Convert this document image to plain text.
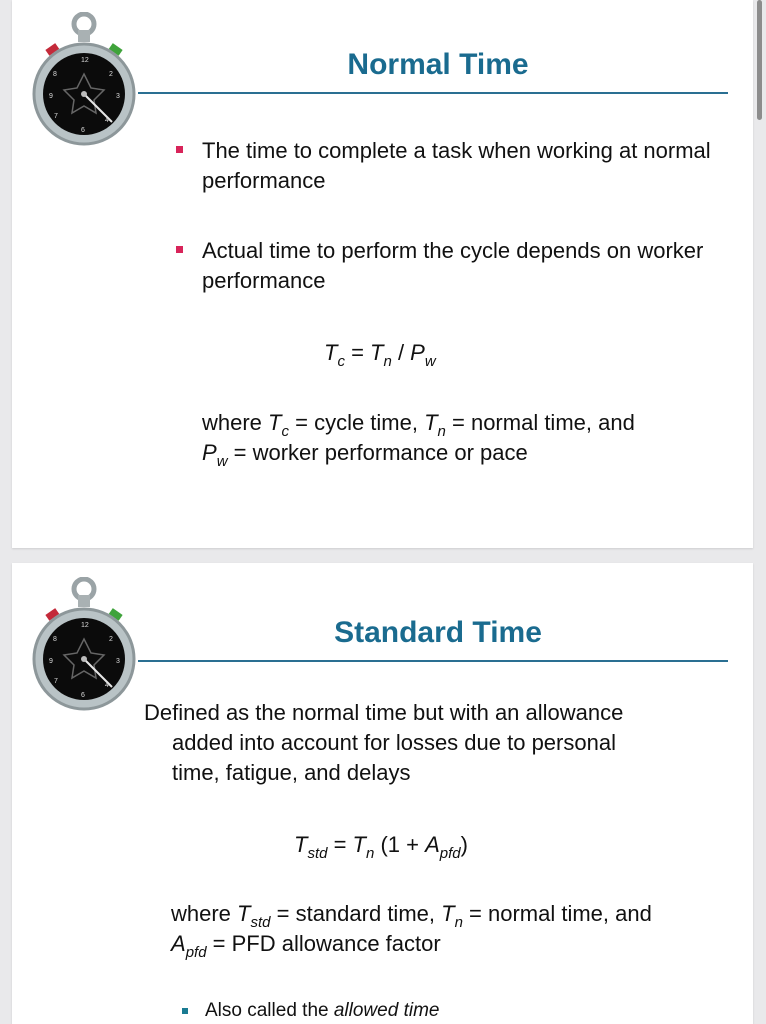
12
2
3
9
8
7
4
6
Normal Time
The time to complete a task when working at normal performance
Actual time to perform the cycle depends on worker performance
$T_c = T_n / P_w$
where $T_c$ = cycle time, $T_n$ = normal time, and
$P_w$ = worker performance or pace
12
2
3
9
8
7
4
6
Standard Time
Defined as the normal time but with an allowance
added into account for losses due to personal
time, fatigue, and delays
$T_{std} = T_n$ $(1 + A_{pfd})$
where $T_{std}$ = standard time, $T_n$ = normal time, and
$A_{pfd}$ = PFD allowance factor
Also called the allowed time
